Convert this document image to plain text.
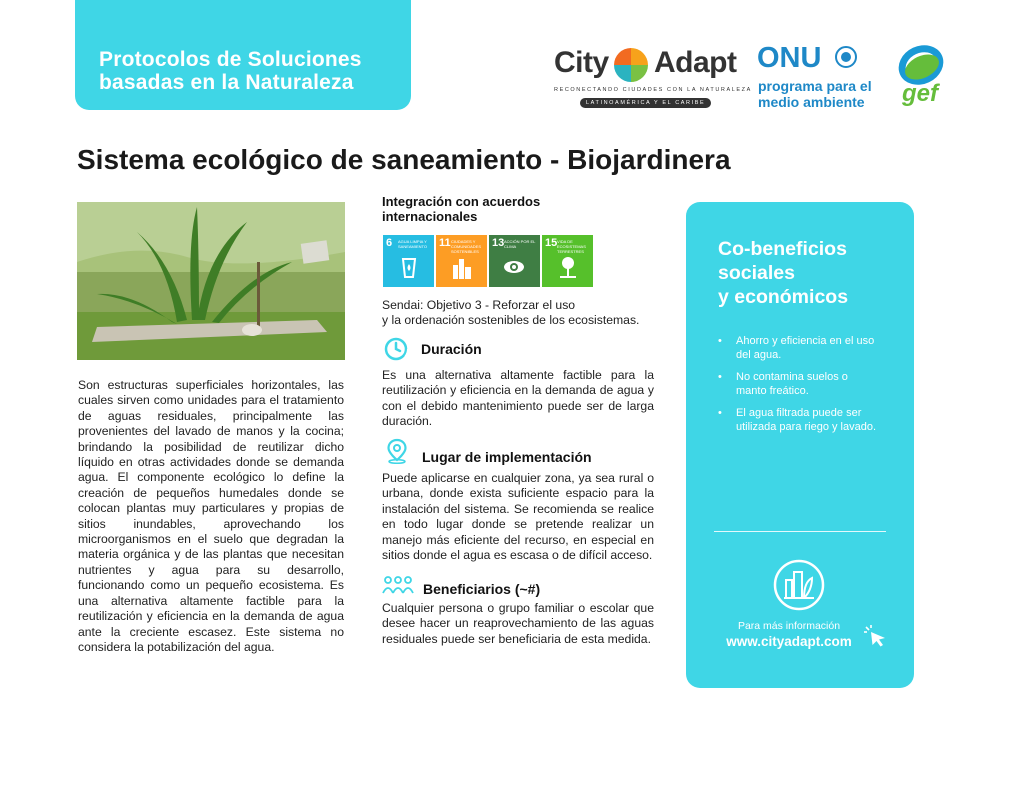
Protocolos de Soluciones
basadas en la Naturaleza
City Adapt
RECONECTANDO CIUDADES CON LA NATURALEZA
LATINOAMÉRICA Y EL CARIBE
ONU
programa para el
medio ambiente gef
Sistema ecológico de saneamiento - Biojardinera

Son estructuras superficiales horizontales, las cuales sirven como unidades para el tratamiento de aguas residuales, principalmente las provenientes del lavado de manos y la cocina; brindando la posibilidad de reutilizar dicho líquido en otras actividades donde se demanda agua. El componente ecológico lo define la creación de pequeños humedales donde se colocan plantas muy particulares y propias de sitios inundables, aprovechando los microorganismos en el suelo que degradan la materia orgánica y de las plantas que necesitan nutrientes y agua para su desarrollo, funcionando como un pequeño ecosistema. Es una alternativa altamente factible para la reutilización y eficiencia en la demanda de agua ante la creciente escasez. Este sistema no considera la potabilización del agua.

Integración con acuerdos
internacionales
6 AGUA LIMPIA Y SANEAMIENTO	11 CIUDADES Y COMUNIDADES SOSTENIBLES
13 ACCIÓN POR EL CLIMA	15 VIDA DE ECOSISTEMAS TERRESTRES
Sendai: Objetivo 3 - Reforzar el uso
y la ordenación sostenibles de los ecosistemas.
Duración

Es una alternativa altamente factible para la reutilización y eficiencia en la demanda de agua y con el debido mantenimiento puede ser de larga duración.

Lugar de implementación

Puede aplicarse en cualquier zona, ya sea rural o urbana, donde exista suficiente espacio para la instalación del sistema. Se recomienda se realice en todo lugar donde se pretende realizar un manejo más eficiente del recurso, en especial en sitios donde el agua es escasa o de difícil acceso.

Beneficiarios (~#)

Cualquier persona o grupo familiar o escolar que desee hacer un reaprovechamiento de las aguas residuales puede ser beneficiaria de esta medida.

Co-beneficios
sociales
y económicos
• Ahorro y eficiencia en el uso del agua.
• No contamina suelos o manto freático.
• El agua filtrada puede ser utilizada para riego y lavado.
Para más información
www.cityadapt.com
